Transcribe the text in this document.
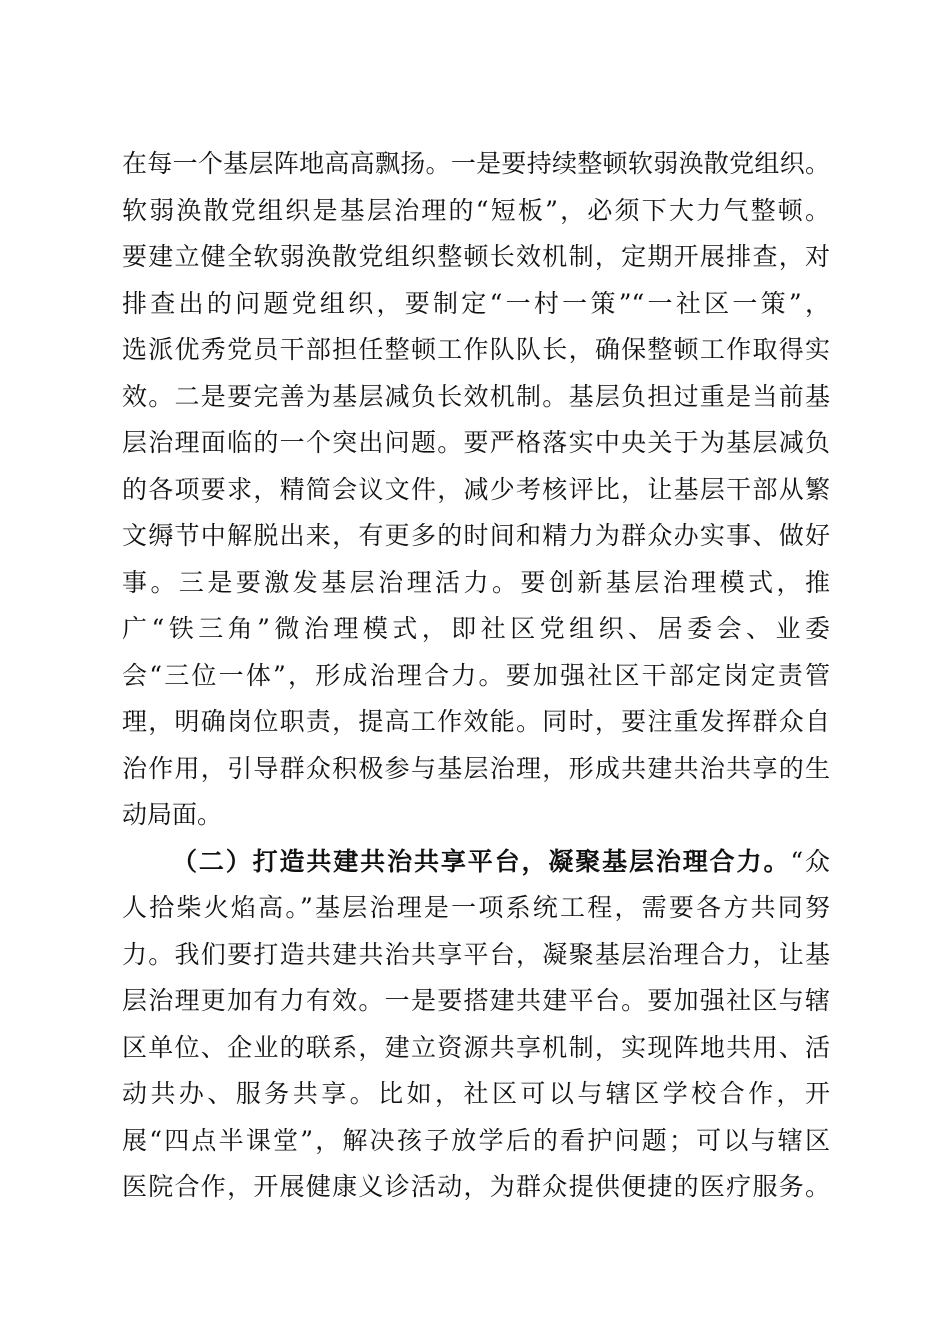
在每一个基层阵地高高飘扬。一是要持续整顿软弱涣散党组织。
软弱涣散党组织是基层治理的“短板”，必须下大力气整顿。
要建立健全软弱涣散党组织整顿长效机制，定期开展排查，对
排查出的问题党组织，要制定“一村一策”“一社区一策”，
选派优秀党员干部担任整顿工作队队长，确保整顿工作取得实
效。二是要完善为基层减负长效机制。基层负担过重是当前基
层治理面临的一个突出问题。要严格落实中央关于为基层减负
的各项要求，精简会议文件，减少考核评比，让基层干部从繁
文缛节中解脱出来，有更多的时间和精力为群众办实事、做好
事。三是要激发基层治理活力。要创新基层治理模式，推
广“铁三角”微治理模式，即社区党组织、居委会、业委
会“三位一体”，形成治理合力。要加强社区干部定岗定责管
理，明确岗位职责，提高工作效能。同时，要注重发挥群众自
治作用，引导群众积极参与基层治理，形成共建共治共享的生
动局面。
（二）打造共建共治共享平台，凝聚基层治理合力。“众
人拾柴火焰高。”基层治理是一项系统工程，需要各方共同努
力。我们要打造共建共治共享平台，凝聚基层治理合力，让基
层治理更加有力有效。一是要搭建共建平台。要加强社区与辖
区单位、企业的联系，建立资源共享机制，实现阵地共用、活
动共办、服务共享。比如，社区可以与辖区学校合作，开
展“四点半课堂”，解决孩子放学后的看护问题；可以与辖区
医院合作，开展健康义诊活动，为群众提供便捷的医疗服务。
